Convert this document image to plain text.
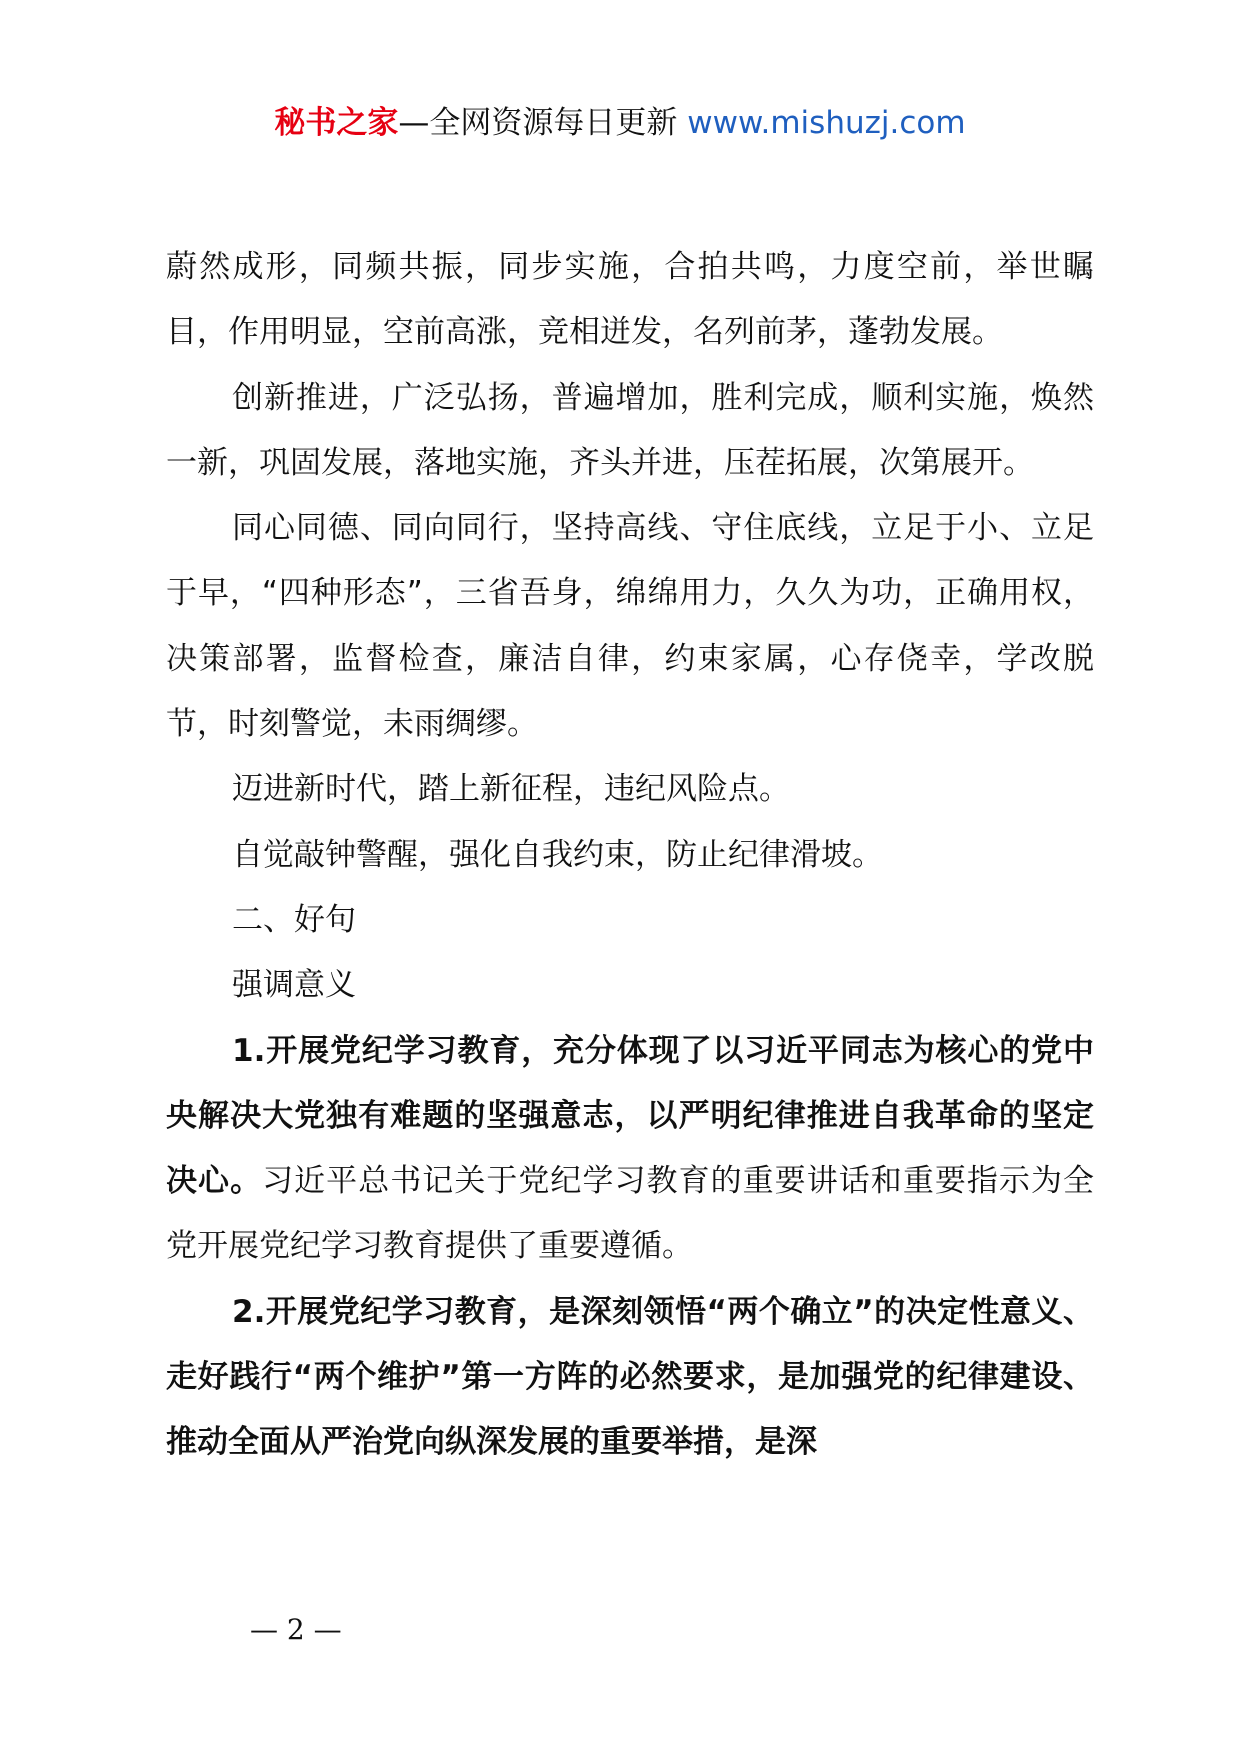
秘书之家—全网资源每日更新 www.mishuzj.com

蔚然成形，同频共振，同步实施，合拍共鸣，力度空前，举世瞩目，作用明显，空前高涨，竞相迸发，名列前茅，蓬勃发展。

创新推进，广泛弘扬，普遍增加，胜利完成，顺利实施，焕然一新，巩固发展，落地实施，齐头并进，压茬拓展，次第展开。

同心同德、同向同行，坚持高线、守住底线，立足于小、立足于早，“四种形态”，三省吾身，绵绵用力，久久为功，正确用权，决策部署，监督检查，廉洁自律，约束家属，心存侥幸，学改脱节，时刻警觉，未雨绸缪。

迈进新时代，踏上新征程，违纪风险点。

自觉敲钟警醒，强化自我约束，防止纪律滑坡。

二、好句

强调意义

1.开展党纪学习教育，充分体现了以习近平同志为核心的党中央解决大党独有难题的坚强意志，以严明纪律推进自我革命的坚定决心。习近平总书记关于党纪学习教育的重要讲话和重要指示为全党开展党纪学习教育提供了重要遵循。

2.开展党纪学习教育，是深刻领悟“两个确立”的决定性意义、走好践行“两个维护”第一方阵的必然要求，是加强党的纪律建设、推动全面从严治党向纵深发展的重要举措，是深

— 2 —
